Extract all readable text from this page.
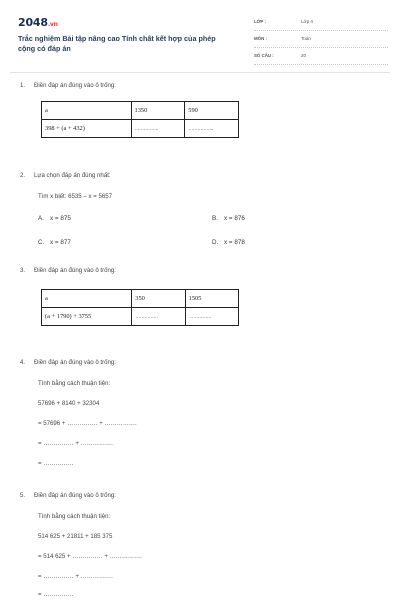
2048.vn
Trắc nghiệm Bài tập nâng cao Tính chất kết hợp của phép cộng có đáp án
LỚP :	Lớp 4
MÔN :	Toán
SỐ CÂU :	20
1. Điền đáp án đúng vào ô trống:
a	1350	590
398 + (a + 432)	…………….	……………..
2. Lựa chọn đáp án đúng nhất:
Tìm x biết: 6535 – x = 5657
A. x = 875	B. x = 876
C. x = 877	D. x = 878
3. Điền đáp án đúng vào ô trống:
a	350	1505
(a + 1790) + 3755	……………	……………
4. Điền đáp án đúng vào ô trống:
Tính bằng cách thuận tiện:
57696 + 8140 + 32304
= 57696 + …………… + …………….
= …………… + …………….
= ……………
5. Điền đáp án đúng vào ô trống:
Tính bằng cách thuận tiện:
514 625 + 21811 + 185 375
= 514 625 + …………… + …………….
= …………… + …………….
= ……………
